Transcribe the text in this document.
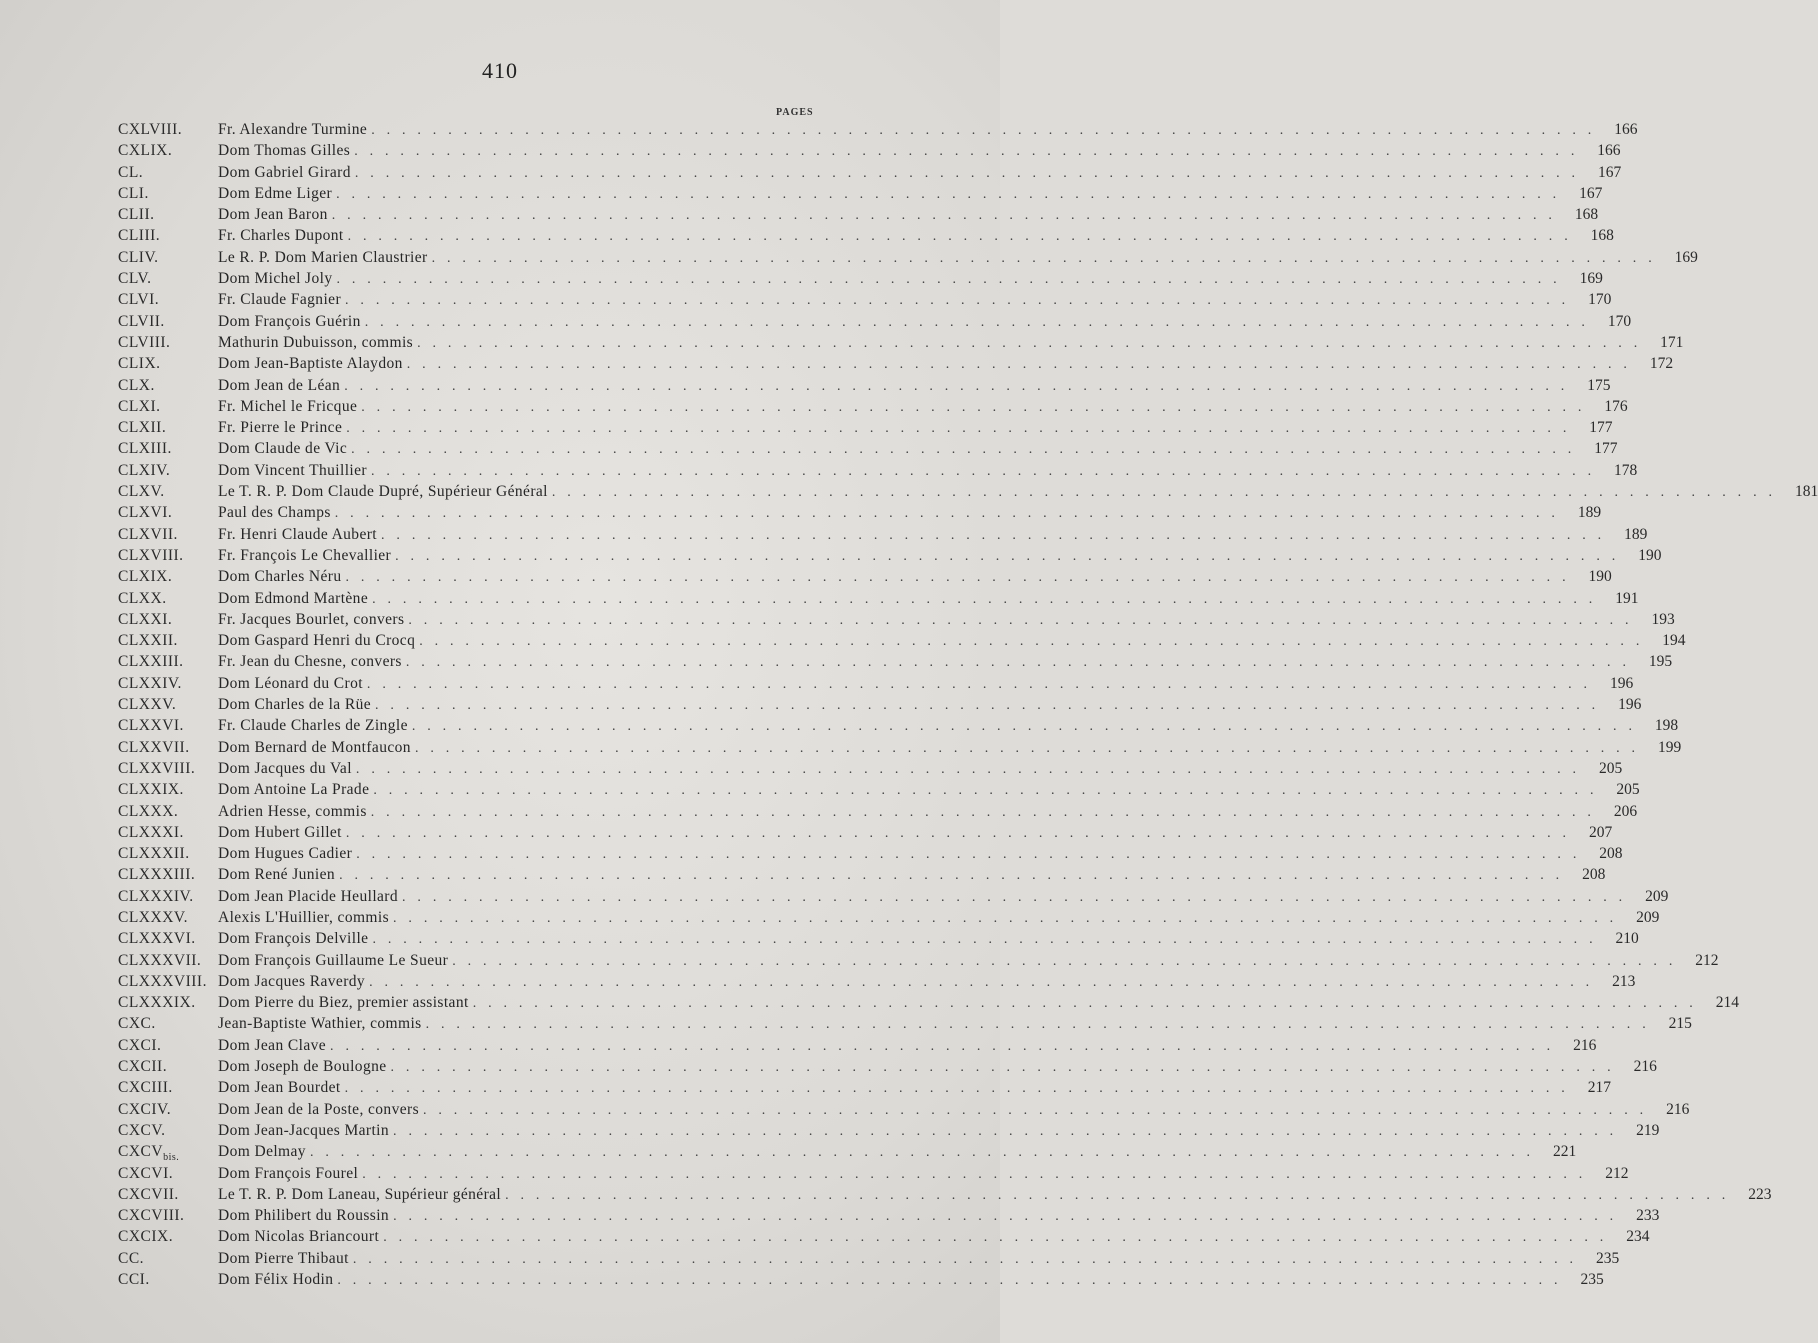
410
PAGES
CXLVIII.	Fr. Alexandre Turmine . . . . . . . . . . . . . . . . . . . . . . . . . . . . . . . . . . . . . . . . . . . . . . . . . . . . . . . . . . . . . . . . . . . . . . . . . . . . . . . .	166
CXLIX.	Dom Thomas Gilles . . . . . . . . . . . . . . . . . . . . . . . . . . . . . . . . . . . . . . . . . . . . . . . . . . . . . . . . . . . . . . . . . . . . . . . . . . . . . . . .	166
CL.	Dom Gabriel Girard . . . . . . . . . . . . . . . . . . . . . . . . . . . . . . . . . . . . . . . . . . . . . . . . . . . . . . . . . . . . . . . . . . . . . . . . . . . . . . . .	167
CLI.	Dom Edme Liger . . . . . . . . . . . . . . . . . . . . . . . . . . . . . . . . . . . . . . . . . . . . . . . . . . . . . . . . . . . . . . . . . . . . . . . . . . . . . . . .	167
CLII.	Dom Jean Baron . . . . . . . . . . . . . . . . . . . . . . . . . . . . . . . . . . . . . . . . . . . . . . . . . . . . . . . . . . . . . . . . . . . . . . . . . . . . . . . .	168
CLIII.	Fr. Charles Dupont . . . . . . . . . . . . . . . . . . . . . . . . . . . . . . . . . . . . . . . . . . . . . . . . . . . . . . . . . . . . . . . . . . . . . . . . . . . . . . . .	168
CLIV.	Le R. P. Dom Marien Claustrier . . . . . . . . . . . . . . . . . . . . . . . . . . . . . . . . . . . . . . . . . . . . . . . . . . . . . . . . . . . . . . . . . . . . . . . . . . . . . . . .	169
CLV.	Dom Michel Joly . . . . . . . . . . . . . . . . . . . . . . . . . . . . . . . . . . . . . . . . . . . . . . . . . . . . . . . . . . . . . . . . . . . . . . . . . . . . . . . .	169
CLVI.	Fr. Claude Fagnier . . . . . . . . . . . . . . . . . . . . . . . . . . . . . . . . . . . . . . . . . . . . . . . . . . . . . . . . . . . . . . . . . . . . . . . . . . . . . . . .	170
CLVII.	Dom François Guérin . . . . . . . . . . . . . . . . . . . . . . . . . . . . . . . . . . . . . . . . . . . . . . . . . . . . . . . . . . . . . . . . . . . . . . . . . . . . . . . .	170
CLVIII.	Mathurin Dubuisson, commis . . . . . . . . . . . . . . . . . . . . . . . . . . . . . . . . . . . . . . . . . . . . . . . . . . . . . . . . . . . . . . . . . . . . . . . . . . . . . . . .	171
CLIX.	Dom Jean-Baptiste Alaydon . . . . . . . . . . . . . . . . . . . . . . . . . . . . . . . . . . . . . . . . . . . . . . . . . . . . . . . . . . . . . . . . . . . . . . . . . . . . . . . .	172
CLX.	Dom Jean de Léan . . . . . . . . . . . . . . . . . . . . . . . . . . . . . . . . . . . . . . . . . . . . . . . . . . . . . . . . . . . . . . . . . . . . . . . . . . . . . . . .	175
CLXI.	Fr. Michel le Fricque . . . . . . . . . . . . . . . . . . . . . . . . . . . . . . . . . . . . . . . . . . . . . . . . . . . . . . . . . . . . . . . . . . . . . . . . . . . . . . . .	176
CLXII.	Fr. Pierre le Prince . . . . . . . . . . . . . . . . . . . . . . . . . . . . . . . . . . . . . . . . . . . . . . . . . . . . . . . . . . . . . . . . . . . . . . . . . . . . . . . .	177
CLXIII.	Dom Claude de Vic . . . . . . . . . . . . . . . . . . . . . . . . . . . . . . . . . . . . . . . . . . . . . . . . . . . . . . . . . . . . . . . . . . . . . . . . . . . . . . . .	177
CLXIV.	Dom Vincent Thuillier . . . . . . . . . . . . . . . . . . . . . . . . . . . . . . . . . . . . . . . . . . . . . . . . . . . . . . . . . . . . . . . . . . . . . . . . . . . . . . . .	178
CLXV.	Le T. R. P. Dom Claude Dupré, Supérieur Général . . . . . . . . . . . . . . . . . . . . . . . . . . . . . . . . . . . . . . . . . . . . . . . . . . . . . . . . . . . . . . . . . . . . . . . . . . . . . . . .	181
CLXVI.	Paul des Champs . . . . . . . . . . . . . . . . . . . . . . . . . . . . . . . . . . . . . . . . . . . . . . . . . . . . . . . . . . . . . . . . . . . . . . . . . . . . . . . .	189
CLXVII.	Fr. Henri Claude Aubert . . . . . . . . . . . . . . . . . . . . . . . . . . . . . . . . . . . . . . . . . . . . . . . . . . . . . . . . . . . . . . . . . . . . . . . . . . . . . . . .	189
CLXVIII.	Fr. François Le Chevallier . . . . . . . . . . . . . . . . . . . . . . . . . . . . . . . . . . . . . . . . . . . . . . . . . . . . . . . . . . . . . . . . . . . . . . . . . . . . . . . .	190
CLXIX.	Dom Charles Néru . . . . . . . . . . . . . . . . . . . . . . . . . . . . . . . . . . . . . . . . . . . . . . . . . . . . . . . . . . . . . . . . . . . . . . . . . . . . . . . .	190
CLXX.	Dom Edmond Martène . . . . . . . . . . . . . . . . . . . . . . . . . . . . . . . . . . . . . . . . . . . . . . . . . . . . . . . . . . . . . . . . . . . . . . . . . . . . . . . .	191
CLXXI.	Fr. Jacques Bourlet, convers . . . . . . . . . . . . . . . . . . . . . . . . . . . . . . . . . . . . . . . . . . . . . . . . . . . . . . . . . . . . . . . . . . . . . . . . . . . . . . . .	193
CLXXII.	Dom Gaspard Henri du Crocq . . . . . . . . . . . . . . . . . . . . . . . . . . . . . . . . . . . . . . . . . . . . . . . . . . . . . . . . . . . . . . . . . . . . . . . . . . . . . . . .	194
CLXXIII.	Fr. Jean du Chesne, convers . . . . . . . . . . . . . . . . . . . . . . . . . . . . . . . . . . . . . . . . . . . . . . . . . . . . . . . . . . . . . . . . . . . . . . . . . . . . . . . .	195
CLXXIV.	Dom Léonard du Crot . . . . . . . . . . . . . . . . . . . . . . . . . . . . . . . . . . . . . . . . . . . . . . . . . . . . . . . . . . . . . . . . . . . . . . . . . . . . . . . .	196
CLXXV.	Dom Charles de la Rüe . . . . . . . . . . . . . . . . . . . . . . . . . . . . . . . . . . . . . . . . . . . . . . . . . . . . . . . . . . . . . . . . . . . . . . . . . . . . . . . .	196
CLXXVI.	Fr. Claude Charles de Zingle . . . . . . . . . . . . . . . . . . . . . . . . . . . . . . . . . . . . . . . . . . . . . . . . . . . . . . . . . . . . . . . . . . . . . . . . . . . . . . . .	198
CLXXVII.	Dom Bernard de Montfaucon . . . . . . . . . . . . . . . . . . . . . . . . . . . . . . . . . . . . . . . . . . . . . . . . . . . . . . . . . . . . . . . . . . . . . . . . . . . . . . . .	199
CLXXVIII.	Dom Jacques du Val . . . . . . . . . . . . . . . . . . . . . . . . . . . . . . . . . . . . . . . . . . . . . . . . . . . . . . . . . . . . . . . . . . . . . . . . . . . . . . . .	205
CLXXIX.	Dom Antoine La Prade . . . . . . . . . . . . . . . . . . . . . . . . . . . . . . . . . . . . . . . . . . . . . . . . . . . . . . . . . . . . . . . . . . . . . . . . . . . . . . . .	205
CLXXX.	Adrien Hesse, commis . . . . . . . . . . . . . . . . . . . . . . . . . . . . . . . . . . . . . . . . . . . . . . . . . . . . . . . . . . . . . . . . . . . . . . . . . . . . . . . .	206
CLXXXI.	Dom Hubert Gillet . . . . . . . . . . . . . . . . . . . . . . . . . . . . . . . . . . . . . . . . . . . . . . . . . . . . . . . . . . . . . . . . . . . . . . . . . . . . . . . .	207
CLXXXII.	Dom Hugues Cadier . . . . . . . . . . . . . . . . . . . . . . . . . . . . . . . . . . . . . . . . . . . . . . . . . . . . . . . . . . . . . . . . . . . . . . . . . . . . . . . .	208
CLXXXIII.	Dom René Junien . . . . . . . . . . . . . . . . . . . . . . . . . . . . . . . . . . . . . . . . . . . . . . . . . . . . . . . . . . . . . . . . . . . . . . . . . . . . . . . .	208
CLXXXIV.	Dom Jean Placide Heullard . . . . . . . . . . . . . . . . . . . . . . . . . . . . . . . . . . . . . . . . . . . . . . . . . . . . . . . . . . . . . . . . . . . . . . . . . . . . . . . .	209
CLXXXV.	Alexis L'Huillier, commis . . . . . . . . . . . . . . . . . . . . . . . . . . . . . . . . . . . . . . . . . . . . . . . . . . . . . . . . . . . . . . . . . . . . . . . . . . . . . . . .	209
CLXXXVI.	Dom François Delville . . . . . . . . . . . . . . . . . . . . . . . . . . . . . . . . . . . . . . . . . . . . . . . . . . . . . . . . . . . . . . . . . . . . . . . . . . . . . . . .	210
CLXXXVII.	Dom François Guillaume Le Sueur . . . . . . . . . . . . . . . . . . . . . . . . . . . . . . . . . . . . . . . . . . . . . . . . . . . . . . . . . . . . . . . . . . . . . . . . . . . . . . . .	212
CLXXXVIII. Dom Jacques Raverdy . . . . . . . . . . . . . . . . . . . . . . . . . . . . . . . . . . . . . . . . . . . . . . . . . . . . . . . . . . . . . . . . . . . . . . . . . . . . . . . .	213
CLXXXIX.	Dom Pierre du Biez, premier assistant . . . . . . . . . . . . . . . . . . . . . . . . . . . . . . . . . . . . . . . . . . . . . . . . . . . . . . . . . . . . . . . . . . . . . . . . . . . . . . . .	214
CXC.	Jean-Baptiste Wathier, commis . . . . . . . . . . . . . . . . . . . . . . . . . . . . . . . . . . . . . . . . . . . . . . . . . . . . . . . . . . . . . . . . . . . . . . . . . . . . . . . .	215
CXCI.	Dom Jean Clave . . . . . . . . . . . . . . . . . . . . . . . . . . . . . . . . . . . . . . . . . . . . . . . . . . . . . . . . . . . . . . . . . . . . . . . . . . . . . . . .	216
CXCII.	Dom Joseph de Boulogne . . . . . . . . . . . . . . . . . . . . . . . . . . . . . . . . . . . . . . . . . . . . . . . . . . . . . . . . . . . . . . . . . . . . . . . . . . . . . . . .	216
CXCIII.	Dom Jean Bourdet . . . . . . . . . . . . . . . . . . . . . . . . . . . . . . . . . . . . . . . . . . . . . . . . . . . . . . . . . . . . . . . . . . . . . . . . . . . . . . . .	217
CXCIV.	Dom Jean de la Poste, convers . . . . . . . . . . . . . . . . . . . . . . . . . . . . . . . . . . . . . . . . . . . . . . . . . . . . . . . . . . . . . . . . . . . . . . . . . . . . . . . .	216
CXCV.	Dom Jean-Jacques Martin . . . . . . . . . . . . . . . . . . . . . . . . . . . . . . . . . . . . . . . . . . . . . . . . . . . . . . . . . . . . . . . . . . . . . . . . . . . . . . . .	219
$CXCV_{bis.}$	Dom Delmay . . . . . . . . . . . . . . . . . . . . . . . . . . . . . . . . . . . . . . . . . . . . . . . . . . . . . . . . . . . . . . . . . . . . . . . . . . . . . . . .	221
CXCVI.	Dom François Fourel . . . . . . . . . . . . . . . . . . . . . . . . . . . . . . . . . . . . . . . . . . . . . . . . . . . . . . . . . . . . . . . . . . . . . . . . . . . . . . . .	212
CXCVII.	Le T. R. P. Dom Laneau, Supérieur général . . . . . . . . . . . . . . . . . . . . . . . . . . . . . . . . . . . . . . . . . . . . . . . . . . . . . . . . . . . . . . . . . . . . . . . . . . . . . . . .	223
CXCVIII.	Dom Philibert du Roussin . . . . . . . . . . . . . . . . . . . . . . . . . . . . . . . . . . . . . . . . . . . . . . . . . . . . . . . . . . . . . . . . . . . . . . . . . . . . . . . .	233
CXCIX.	Dom Nicolas Briancourt . . . . . . . . . . . . . . . . . . . . . . . . . . . . . . . . . . . . . . . . . . . . . . . . . . . . . . . . . . . . . . . . . . . . . . . . . . . . . . . .	234
CC.	Dom Pierre Thibaut . . . . . . . . . . . . . . . . . . . . . . . . . . . . . . . . . . . . . . . . . . . . . . . . . . . . . . . . . . . . . . . . . . . . . . . . . . . . . . . .	235
CCI.	Dom Félix Hodin . . . . . . . . . . . . . . . . . . . . . . . . . . . . . . . . . . . . . . . . . . . . . . . . . . . . . . . . . . . . . . . . . . . . . . . . . . . . . . . .	235
